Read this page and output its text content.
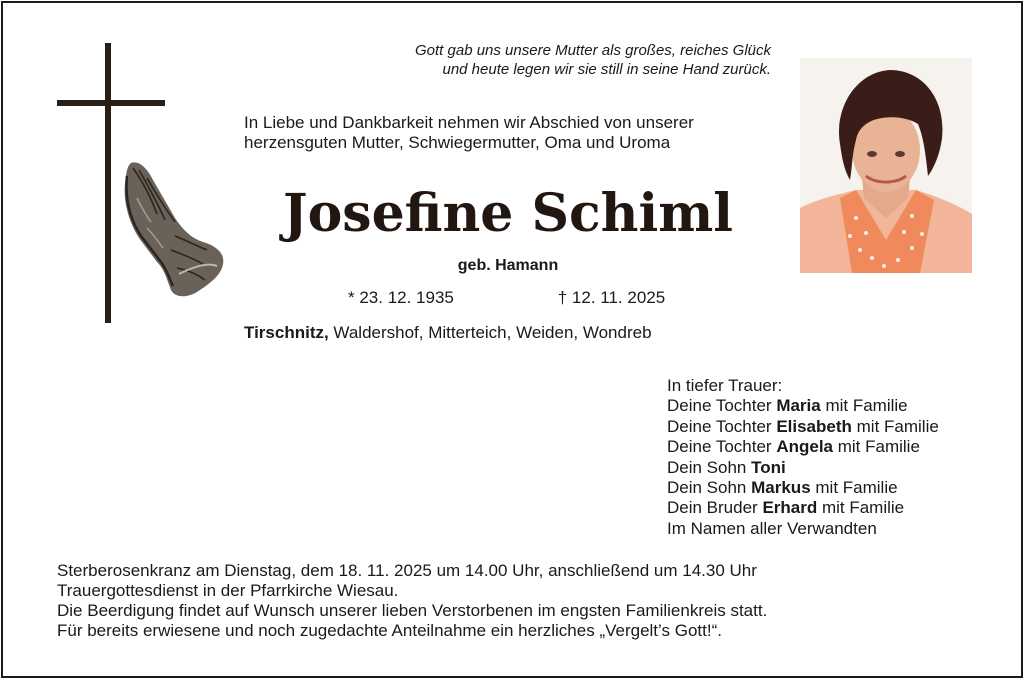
Gott gab uns unsere Mutter als großes, reiches Glück
und heute legen wir sie still in seine Hand zurück.

In Liebe und Dankbarkeit nehmen wir Abschied von unserer
herzensguten Mutter, Schwiegermutter, Oma und Uroma

Josefine Schiml
geb. Hamann
* 23. 12. 1935	† 12. 11. 2025
Tirschnitz, Waldershof, Mitterteich, Weiden, Wondreb
In tiefer Trauer:
Deine Tochter Maria mit Familie
Deine Tochter Elisabeth mit Familie
Deine Tochter Angela mit Familie
Dein Sohn Toni
Dein Sohn Markus mit Familie
Dein Bruder Erhard mit Familie
Im Namen aller Verwandten
Sterberosenkranz am Dienstag, dem 18. 11. 2025 um 14.00 Uhr, anschließend um 14.30 Uhr
Trauergottesdienst in der Pfarrkirche Wiesau.
Die Beerdigung findet auf Wunsch unserer lieben Verstorbenen im engsten Familienkreis statt.
Für bereits erwiesene und noch zugedachte Anteilnahme ein herzliches „Vergelt’s Gott!“.
